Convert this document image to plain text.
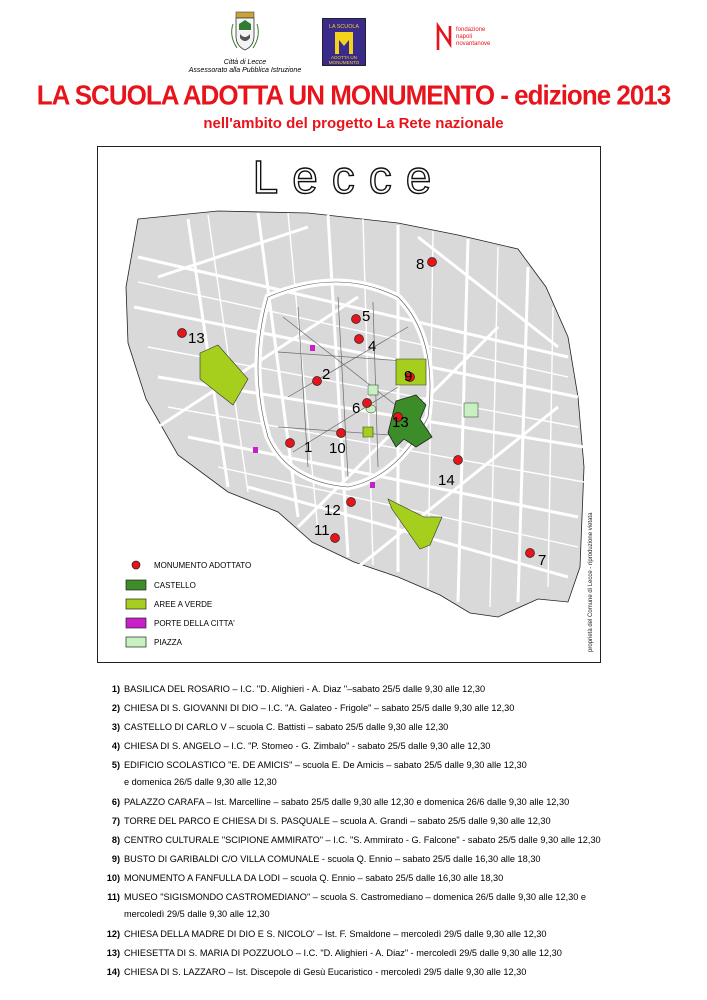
Città di Lecce
Assessorato alla Pubblica Istruzione
LA SCUOLA
ADOTTA UN
MONUMENTO
fondazione
napoli
novantanove
LA SCUOLA ADOTTA UN MONUMENTO - edizione 2013
nell'ambito del progetto La Rete nazionale
Lecce
proprietà del Comune di Lecce - riproduzione vietata
1
2
4
5
6
7
8
9
10
11
12
13
13
14
MONUMENTO ADOTTATO
CASTELLO
AREE A VERDE
PORTE DELLA CITTA'
PIAZZA
1) BASILICA DEL ROSARIO – I.C. "D. Alighieri - A. Diaz "–sabato 25/5 dalle 9,30 alle 12,30
2) CHIESA DI S. GIOVANNI DI DIO – I.C. "A. Galateo - Frigole" – sabato 25/5 dalle 9,30 alle 12,30
3) CASTELLO DI CARLO V – scuola C. Battisti – sabato 25/5 dalle 9,30 alle 12,30
4) CHIESA DI S. ANGELO – I.C. "P. Stomeo - G. Zimbalo" - sabato 25/5 dalle 9,30 alle 12,30
5) EDIFICIO SCOLASTICO "E. DE AMICIS" – scuola E. De Amicis – sabato 25/5 dalle 9,30 alle 12,30
e domenica 26/5 dalle 9,30 alle 12,30
6) PALAZZO CARAFA – Ist. Marcelline – sabato 25/5 dalle 9,30 alle 12,30 e domenica 26/6 dalle 9,30 alle 12,30
7) TORRE DEL PARCO E CHIESA DI S. PASQUALE – scuola A. Grandi – sabato 25/5 dalle 9,30 alle 12,30
8) CENTRO CULTURALE "SCIPIONE AMMIRATO" – I.C. "S. Ammirato - G. Falcone" - sabato 25/5 dalle 9,30 alle 12,30
9) BUSTO DI GARIBALDI C/O VILLA COMUNALE - scuola Q. Ennio – sabato 25/5 dalle 16,30 alle 18,30
10) MONUMENTO A FANFULLA DA LODI – scuola Q. Ennio – sabato 25/5 dalle 16,30 alle 18,30
11) MUSEO "SIGISMONDO CASTROMEDIANO" – scuola S. Castromediano – domenica 26/5 dalle 9,30 alle 12,30 e
mercoledì 29/5 dalle 9,30 alle 12,30
12) CHIESA DELLA MADRE DI DIO E S. NICOLO' – Ist. F. Smaldone – mercoledì 29/5 dalle 9,30 alle 12,30
13) CHIESETTA DI S. MARIA DI POZZUOLO – I.C. "D. Alighieri - A. Diaz" - mercoledì 29/5 dalle 9,30 alle 12,30
14) CHIESA DI S. LAZZARO – Ist. Discepole di Gesù Eucaristico - mercoledì 29/5 dalle 9,30 alle 12,30
